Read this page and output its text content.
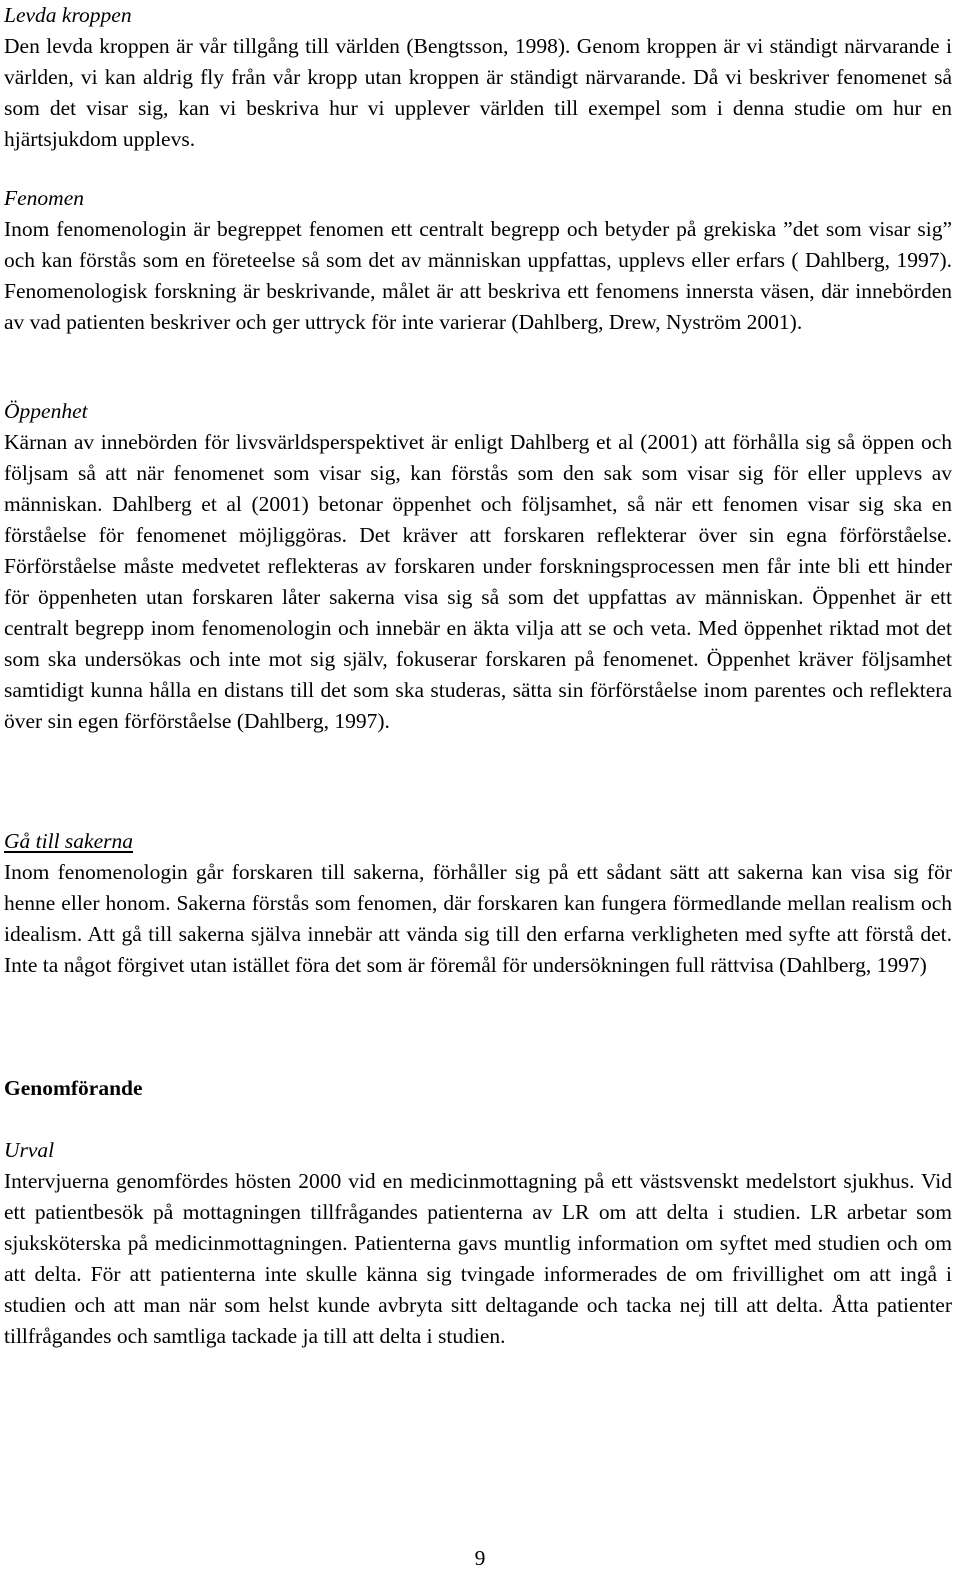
Levda kroppen

Den levda kroppen är vår tillgång till världen (Bengtsson, 1998). Genom kroppen är vi ständigt närvarande i världen, vi kan aldrig fly från vår kropp utan kroppen är ständigt närvarande. Då vi beskriver fenomenet så som det visar sig, kan vi beskriva hur vi upplever världen till exempel som i denna studie om hur en hjärtsjukdom upplevs.

Fenomen

Inom fenomenologin är begreppet fenomen ett centralt begrepp och betyder på grekiska ”det som visar sig” och kan förstås som en företeelse så som det av människan uppfattas, upplevs eller erfars ( Dahlberg, 1997). Fenomenologisk forskning är beskrivande, målet är att beskriva ett fenomens innersta väsen, där innebörden av vad patienten beskriver och ger uttryck för inte varierar (Dahlberg, Drew, Nyström 2001).

Öppenhet

Kärnan av innebörden för livsvärldsperspektivet är enligt Dahlberg et al (2001) att förhålla sig så öppen och följsam så att när fenomenet som visar sig, kan förstås som den sak som visar sig för eller upplevs av människan. Dahlberg et al (2001) betonar öppenhet och följsamhet, så när ett fenomen visar sig ska en förståelse för fenomenet möjliggöras. Det kräver att forskaren reflekterar över sin egna förförståelse. Förförståelse måste medvetet reflekteras av forskaren under forskningsprocessen men får inte bli ett hinder för öppenheten utan forskaren låter sakerna visa sig så som det uppfattas av människan. Öppenhet är ett centralt begrepp inom fenomenologin och innebär en äkta vilja att se och veta. Med öppenhet riktad mot det som ska undersökas och inte mot sig själv, fokuserar forskaren på fenomenet. Öppenhet kräver följsamhet samtidigt kunna hålla en distans till det som ska studeras, sätta sin förförståelse inom parentes och reflektera över sin egen förförståelse (Dahlberg, 1997).

Gå till sakerna

Inom fenomenologin går forskaren till sakerna, förhåller sig på ett sådant sätt att sakerna kan visa sig för henne eller honom. Sakerna förstås som fenomen, där forskaren kan fungera förmedlande mellan realism och idealism. Att gå till sakerna själva innebär att vända sig till den erfarna verkligheten med syfte att förstå det. Inte ta något förgivet utan istället föra det som är föremål för undersökningen full rättvisa (Dahlberg, 1997)

Genomförande

Urval

Intervjuerna genomfördes hösten 2000 vid en medicinmottagning på ett västsvenskt medelstort sjukhus. Vid ett patientbesök på mottagningen tillfrågandes patienterna av LR om att delta i studien. LR arbetar som sjuksköterska på medicinmottagningen. Patienterna gavs muntlig information om syftet med studien och om att delta. För att patienterna inte skulle känna sig tvingade informerades de om frivillighet om att ingå i studien och att man när som helst kunde avbryta sitt deltagande och tacka nej till att delta. Åtta patienter tillfrågandes och samtliga tackade ja till att delta i studien.

9
